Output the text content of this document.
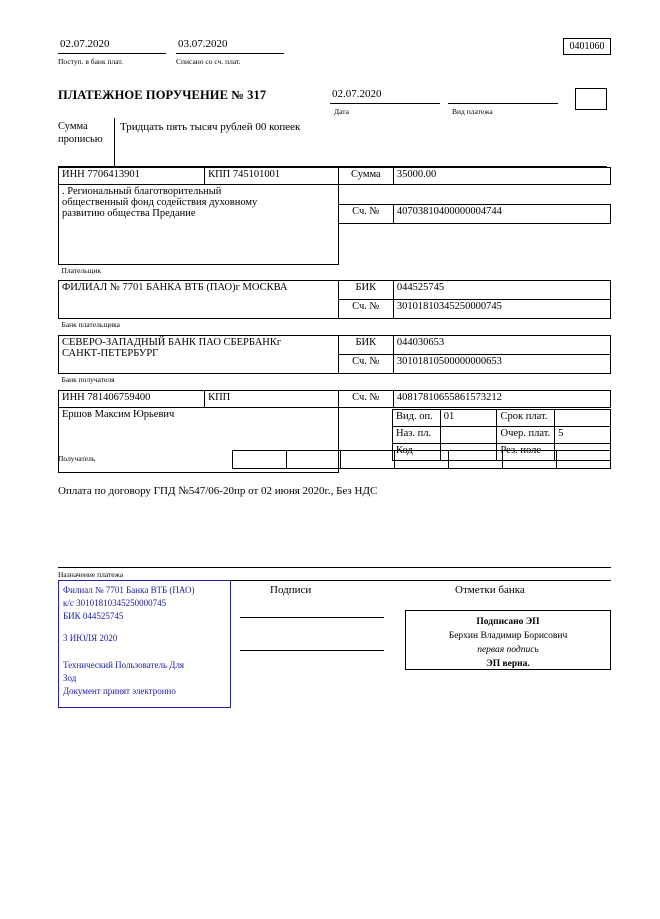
02.07.2020
Поступ. в банк плат.
03.07.2020
Списано со сч. плат.
0401060
ПЛАТЕЖНОЕ ПОРУЧЕНИЕ № 317	02.07.2020
Дата	Вид платежа
Сумма
прописью
Тридцать пять тысяч рублей 00 копеек
ИНН 7706413901	КПП 745101001	Сумма	35000.00

. Региональный благотворительный
общественный фонд содействия духовному
развитию общества Предание			

		Сч. №	40703810400000004744

Плательщик			
ФИЛИАЛ № 7701 БАНКА ВТБ (ПАО)г МОСКВА		БИК	044525745
		Сч. №	30101810345250000745
Банк плательщика			

СЕВЕРО-ЗАПАДНЫЙ БАНК ПАО СБЕРБАНКг
САНКТ-ПЕТЕРБУРГ		БИК	044030653
		Сч. №	30101810500000000653
Банк получателя			
ИНН 781406759400	КПП	Сч. №	40817810655861573212
Ершов Максим Юрьевич			

		Вид. оп.	01	Срок плат.	
Наз. пл.		Очер. плат.	5
Код		Рез. поле	
Получатель

Оплата по договору ГПД №547/06-20пр от 02 июня 2020г., Без НДС
Назначение платежа
Подписи	Отметки банка
Филиал № 7701 Банка ВТБ (ПАО)
к/с 30101810345250000745
БИК 044525745
3 ИЮЛЯ 2020
Технический Пользователь Для
Зод
Документ принят электронно
Подписано ЭП
Берхин Владимир Борисович
первая подпись
ЭП верна.
